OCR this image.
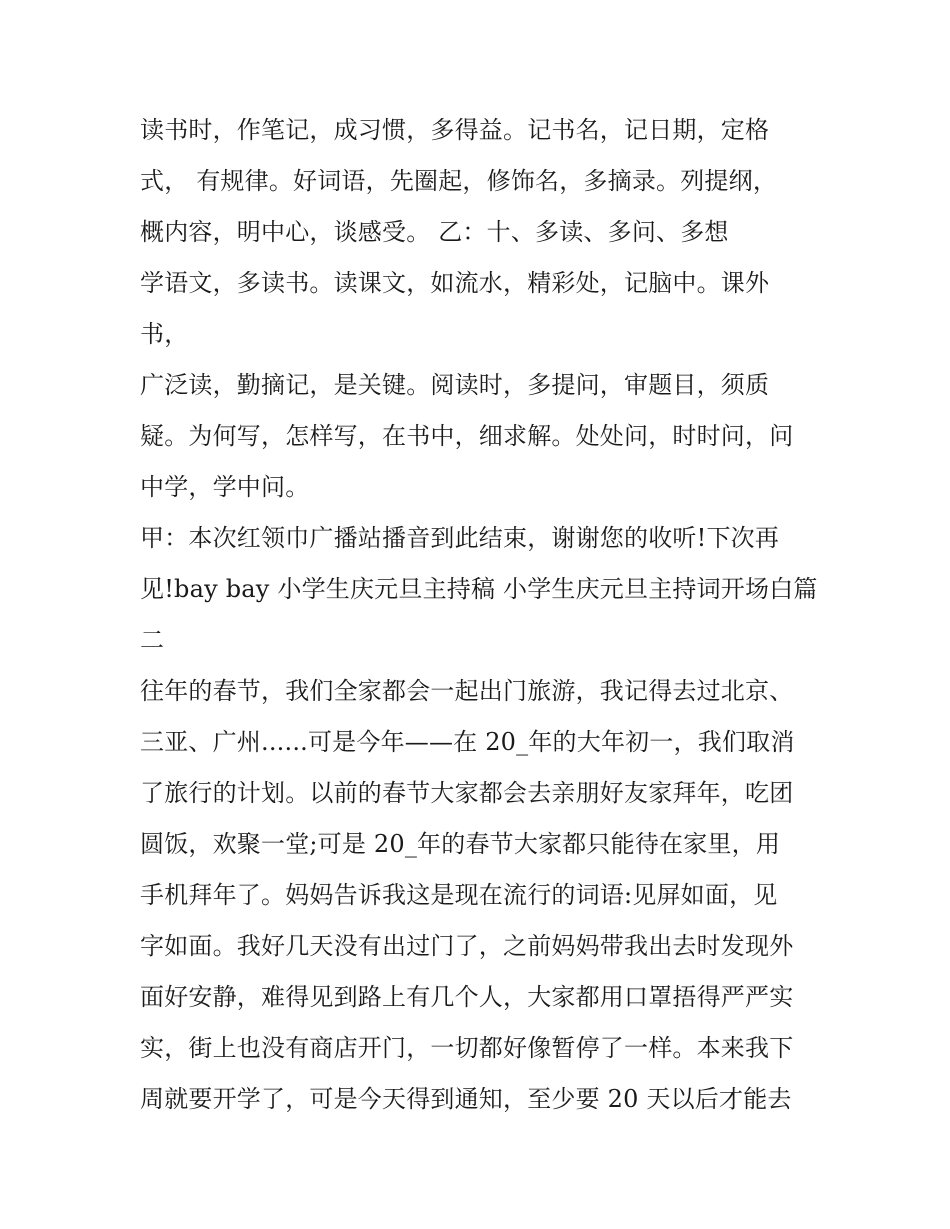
读书时，作笔记，成习惯，多得益。记书名，记日期，定格
式， 有规律。好词语，先圈起，修饰名，多摘录。列提纲，
概内容，明中心，谈感受。 乙：十、多读、多问、多想
学语文，多读书。读课文，如流水，精彩处，记脑中。课外
书，
广泛读，勤摘记，是关键。阅读时，多提问，审题目，须质
疑。为何写，怎样写，在书中，细求解。处处问，时时问，问
中学，学中问。
甲：本次红领巾广播站播音到此结束，谢谢您的收听!下次再
见!bay bay 小学生庆元旦主持稿 小学生庆元旦主持词开场白篇
二
往年的春节，我们全家都会一起出门旅游，我记得去过北京、
三亚、广州......可是今年——在 20_年的大年初一，我们取消
了旅行的计划。以前的春节大家都会去亲朋好友家拜年，吃团
圆饭，欢聚一堂;可是 20_年的春节大家都只能待在家里，用
手机拜年了。妈妈告诉我这是现在流行的词语:见屏如面，见
字如面。我好几天没有出过门了，之前妈妈带我出去时发现外
面好安静，难得见到路上有几个人，大家都用口罩捂得严严实
实，街上也没有商店开门，一切都好像暂停了一样。本来我下
周就要开学了，可是今天得到通知，至少要 20 天以后才能去
